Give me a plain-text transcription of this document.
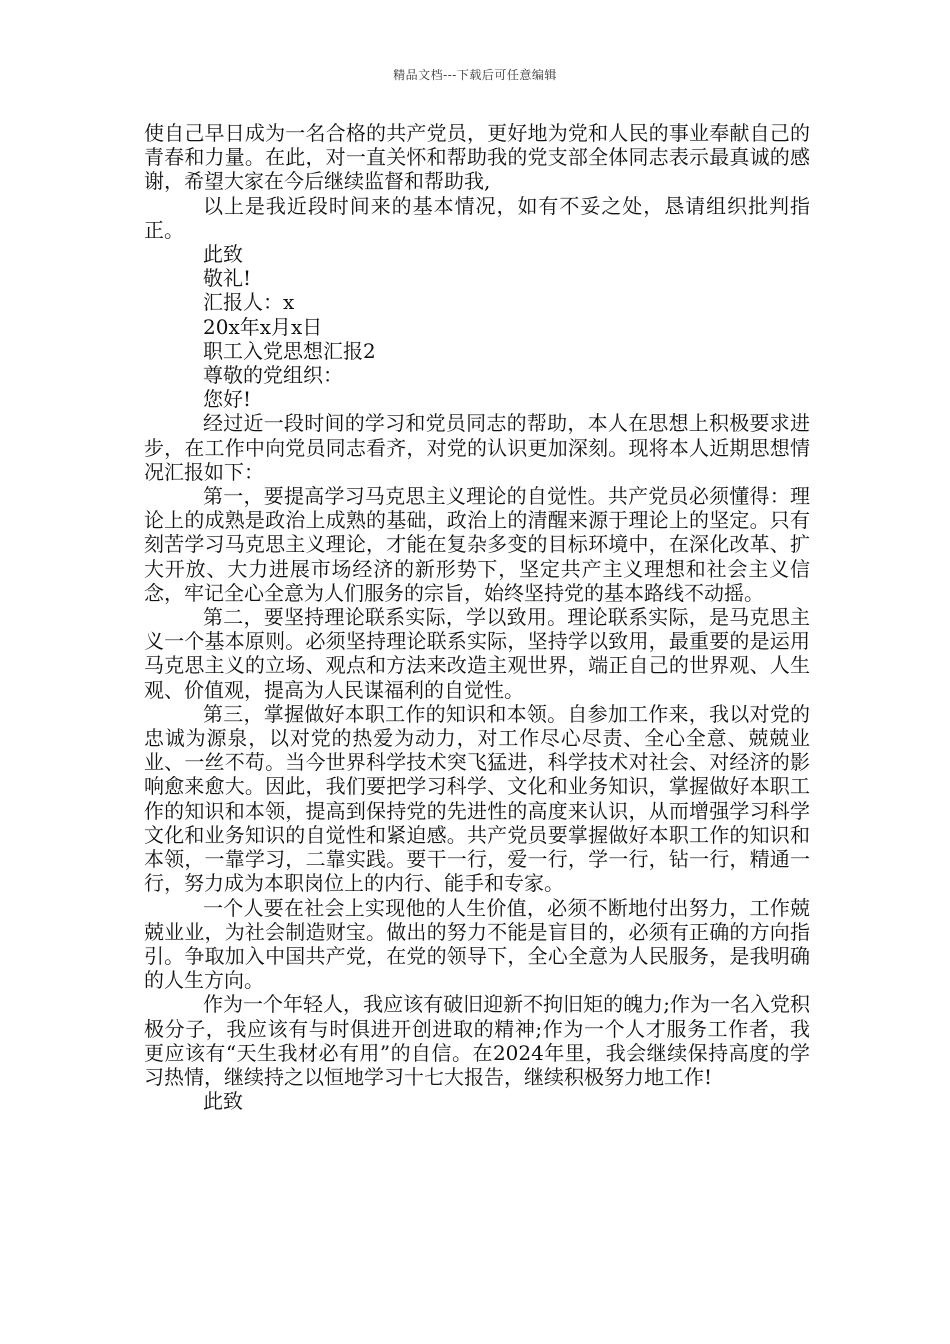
精品文档---下载后可任意编辑

使自己早日成为一名合格的共产党员，更好地为党和人民的事业奉献自己的青春和力量。在此，对一直关怀和帮助我的党支部全体同志表示最真诚的感谢，希望大家在今后继续监督和帮助我,

以上是我近段时间来的基本情况，如有不妥之处，恳请组织批判指正。

此致

敬礼!

汇报人：x

20x年x月x日

职工入党思想汇报2

尊敬的党组织：

您好!

经过近一段时间的学习和党员同志的帮助，本人在思想上积极要求进步，在工作中向党员同志看齐，对党的认识更加深刻。现将本人近期思想情况汇报如下：

第一，要提高学习马克思主义理论的自觉性。共产党员必须懂得：理论上的成熟是政治上成熟的基础，政治上的清醒来源于理论上的坚定。只有刻苦学习马克思主义理论，才能在复杂多变的目标环境中，在深化改革、扩大开放、大力进展市场经济的新形势下，坚定共产主义理想和社会主义信念，牢记全心全意为人们服务的宗旨，始终坚持党的基本路线不动摇。

第二，要坚持理论联系实际，学以致用。理论联系实际，是马克思主义一个基本原则。必须坚持理论联系实际，坚持学以致用，最重要的是运用马克思主义的立场、观点和方法来改造主观世界，端正自己的世界观、人生观、价值观，提高为人民谋福利的自觉性。

第三，掌握做好本职工作的知识和本领。自参加工作来，我以对党的忠诚为源泉，以对党的热爱为动力，对工作尽心尽责、全心全意、兢兢业业、一丝不苟。当今世界科学技术突飞猛进，科学技术对社会、对经济的影响愈来愈大。因此，我们要把学习科学、文化和业务知识，掌握做好本职工作的知识和本领，提高到保持党的先进性的高度来认识，从而增强学习科学文化和业务知识的自觉性和紧迫感。共产党员要掌握做好本职工作的知识和本领，一靠学习，二靠实践。要干一行，爱一行，学一行，钻一行，精通一行，努力成为本职岗位上的内行、能手和专家。

一个人要在社会上实现他的人生价值，必须不断地付出努力，工作兢兢业业，为社会制造财宝。做出的努力不能是盲目的，必须有正确的方向指引。争取加入中国共产党，在党的领导下，全心全意为人民服务，是我明确的人生方向。

作为一个年轻人，我应该有破旧迎新不拘旧矩的魄力;作为一名入党积极分子，我应该有与时俱进开创进取的精神;作为一个人才服务工作者，我更应该有“天生我材必有用”的自信。在2024年里，我会继续保持高度的学习热情，继续持之以恒地学习十七大报告，继续积极努力地工作!

此致
